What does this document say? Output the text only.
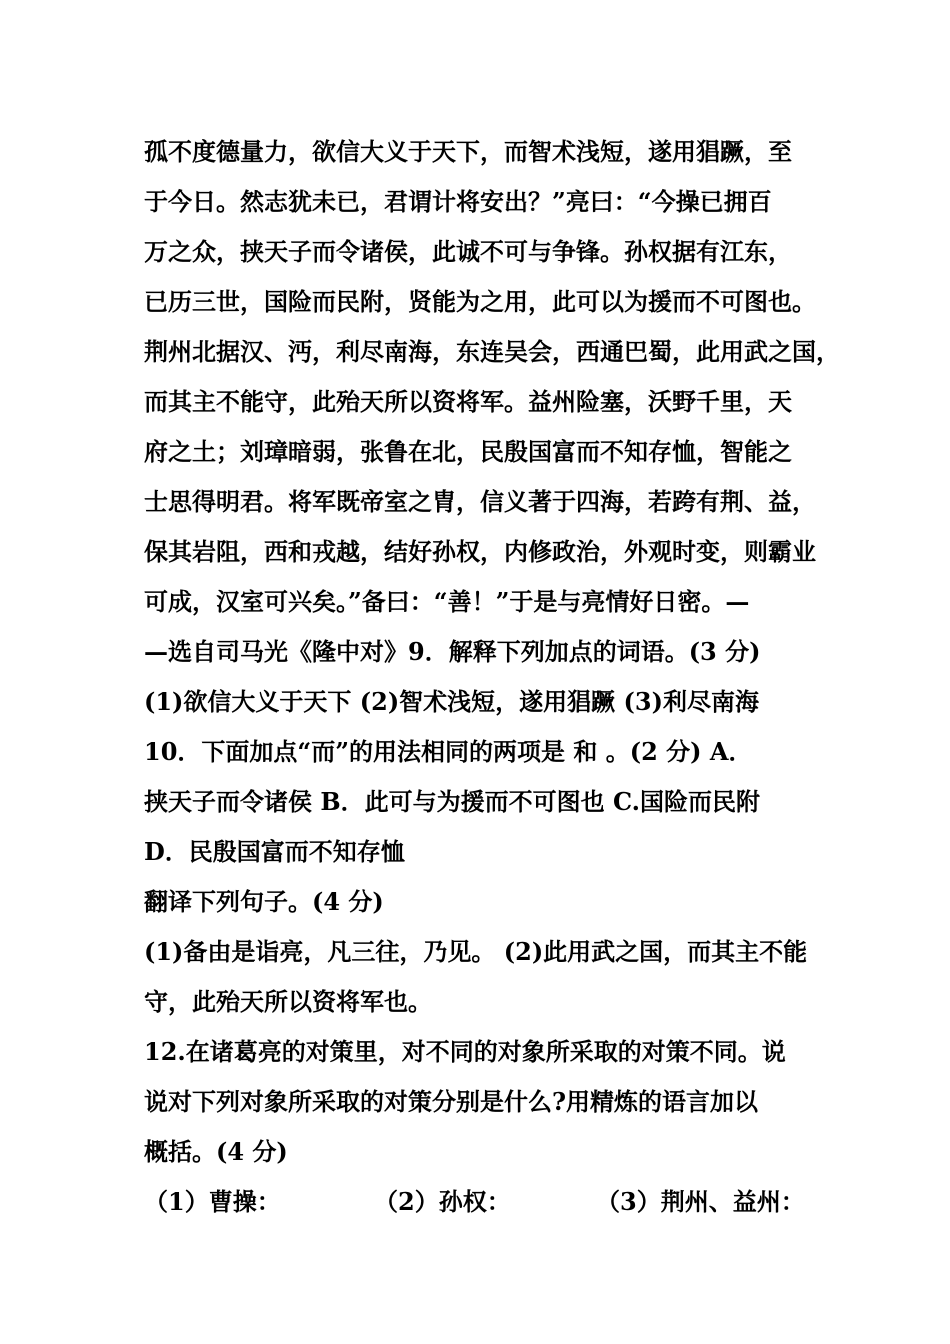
孤不度德量力，欲信大义于天下，而智术浅短，遂用猖蹶，至
于今日。然志犹未已，君谓计将安出？”亮曰：“今操已拥百
万之众，挟天子而令诸侯，此诚不可与争锋。孙权据有江东，
已历三世，国险而民附，贤能为之用，此可以为援而不可图也。
荆州北据汉、沔，利尽南海，东连吴会，西通巴蜀，此用武之国，
而其主不能守，此殆天所以资将军。益州险塞，沃野千里，天
府之土；刘璋暗弱，张鲁在北，民殷国富而不知存恤，智能之
士思得明君。将军既帝室之胄，信义著于四海，若跨有荆、益，
保其岩阻，西和戎越，结好孙权，内修政治，外观时变，则霸业
可成，汉室可兴矣。”备曰：“善！”于是与亮情好日密。—
—选自司马光《隆中对》9．解释下列加点的词语。(3 分)
(1)欲信大义于天下 (2)智术浅短，遂用猖蹶 (3)利尽南海
10．下面加点“而”的用法相同的两项是 和 。(2 分) A．
挟天子而令诸侯 B．此可与为援而不可图也 C.国险而民附
D．民殷国富而不知存恤
翻译下列句子。(4 分)
(1)备由是诣亮，凡三往，乃见。 (2)此用武之国，而其主不能
守，此殆天所以资将军也。
12.在诸葛亮的对策里，对不同的对象所采取的对策不同。说
说对下列对象所采取的对策分别是什么?用精炼的语言加以
概括。(4 分)
（1）曹操：	（2）孙权：	（3）荆州、益州：
